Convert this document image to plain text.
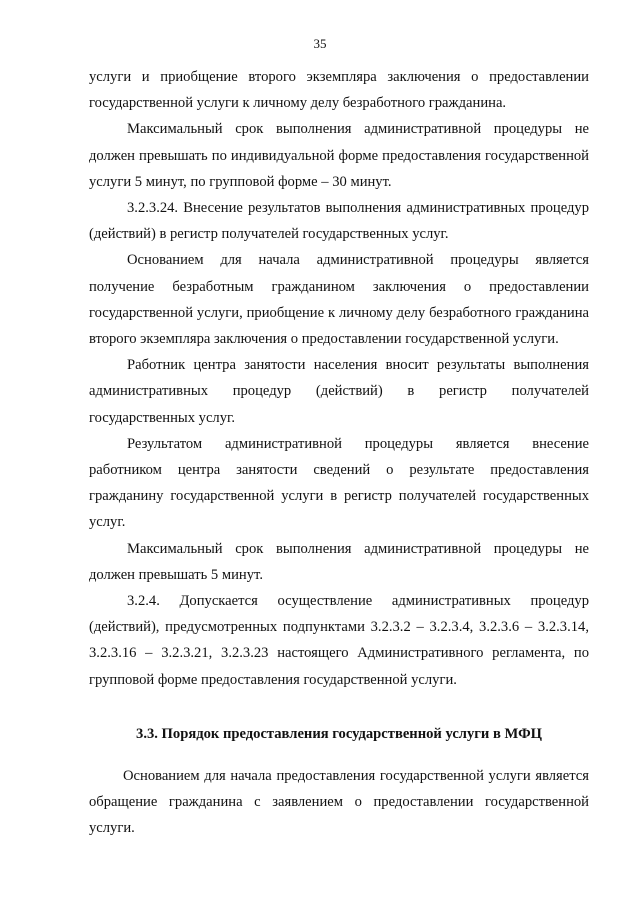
35

услуги и приобщение второго экземпляра заключения о предоставлении государственной услуги к личному делу безработного гражданина.

Максимальный срок выполнения административной процедуры не должен превышать по индивидуальной форме предоставления государственной услуги 5 минут, по групповой форме – 30 минут.

3.2.3.24. Внесение результатов выполнения административных процедур (действий) в регистр получателей государственных услуг.

Основанием для начала административной процедуры является получение безработным гражданином заключения о предоставлении государственной услуги, приобщение к личному делу безработного гражданина второго экземпляра заключения о предоставлении государственной услуги.

Работник центра занятости населения вносит результаты выполнения административных процедур (действий) в регистр получателей государственных услуг.

Результатом административной процедуры является внесение работником центра занятости сведений о результате предоставления гражданину государственной услуги в регистр получателей государственных услуг.

Максимальный срок выполнения административной процедуры не должен превышать 5 минут.

3.2.4. Допускается осуществление административных процедур (действий), предусмотренных подпунктами 3.2.3.2 – 3.2.3.4, 3.2.3.6 – 3.2.3.14, 3.2.3.16 – 3.2.3.21, 3.2.3.23 настоящего Административного регламента, по групповой форме предоставления государственной услуги.

3.3. Порядок предоставления государственной услуги в МФЦ

Основанием для начала предоставления государственной услуги является обращение гражданина с заявлением о предоставлении государственной услуги.
